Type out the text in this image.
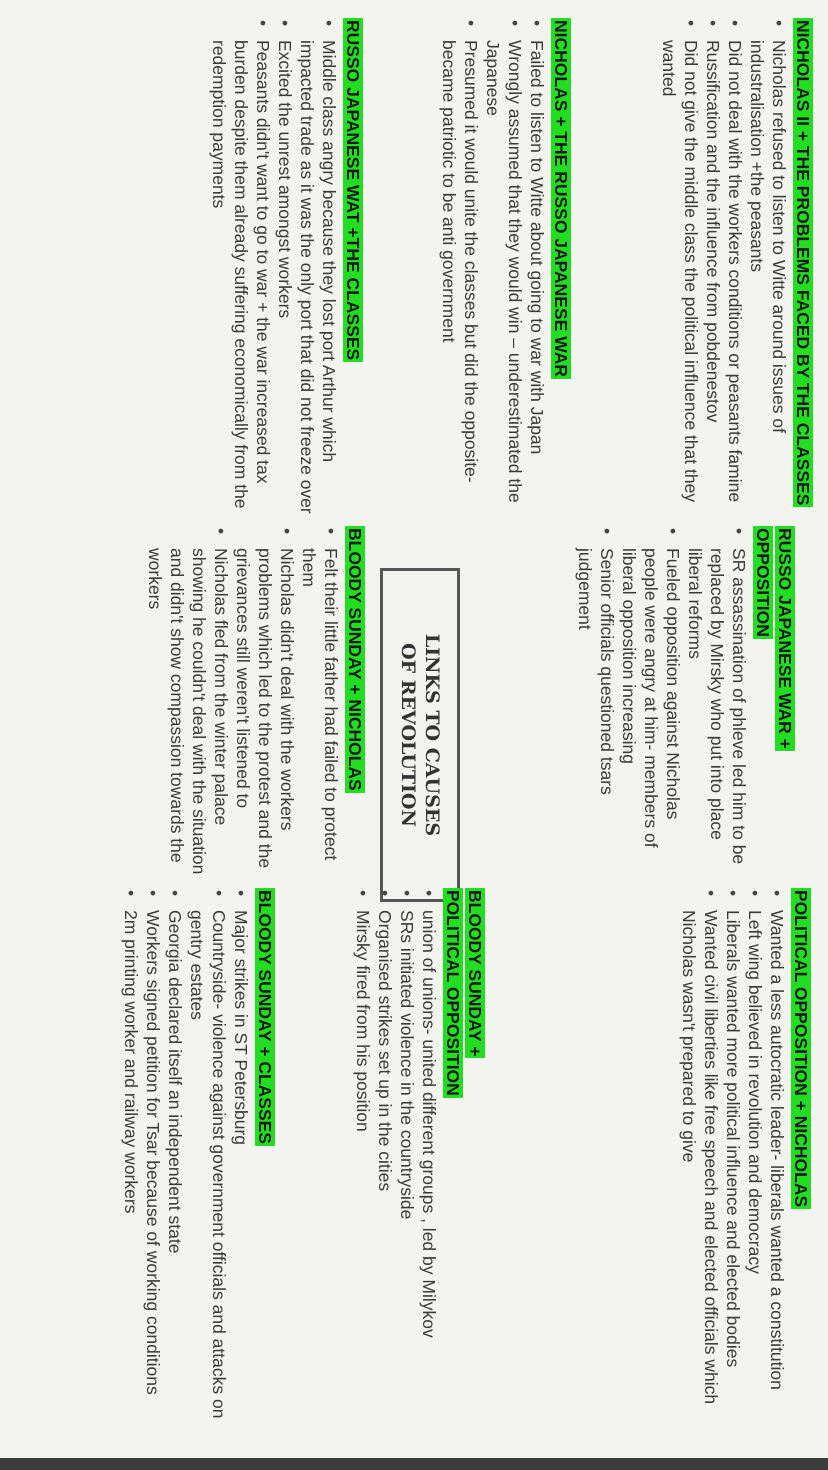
NICHOLAS II + THE PROBLEMS FACED BY THE CLASSES
• Nicholas refused to listen to Witte around issues of industralisation +the peasants
• Did not deal with the workers conditions or peasants famine
• Russification and the influence from pobdenestov
• Did not give the middle class the political influence that they wanted
NICHOLAS + THE RUSSO JAPANESE WAR
• Failed to listen to Witte about going to war with Japan
• Wrongly assumed that they would win – underestimated the Japanese
• Presumed it would unite the classes but did the opposite- became patriotic to be anti government
RUSSO JAPANESE WAT +THE CLASSES
• Middle class angry because they lost port Arthur which impacted trade as it was the only port that did not freeze over
• Excited the unrest amongst workers
• Peasants didn't want to go to war + the war increased tax burden despite them already suffering economically from the redemption payments
RUSSO JAPANESE WAR + OPPOSITION
• SR assassination of phleve led him to be replaced by Mirsky who put into place liberal reforms
• Fueled opposition against Nicholas people were angry at him- members of liberal opposition increasing
• Senior officials questioned tsars judgement
LINKS TO CAUSES OF REVOLUTION
BLOODY SUNDAY + NICHOLAS
• Felt their little father had failed to protect them
• Nicholas didn't deal with the workers problems which led to the protest and the grievances still weren't listened to
• Nicholas fled from the winter palace showing he couldn't deal with the situation and didn't show compassion towards the workers
POLITICAL OPPOSITION + NICHOLAS
• Wanted a less autocratic leader- liberals wanted a constitution
• Left wing believed in revolution and democracy
• Liberals wanted more political influence and elected bodies
• Wanted civil liberties like free speech and elected officials which Nicholas wasn't prepared to give
BLOODY SUNDAY + POLITICAL OPPOSITION
• union of unions- united different groups , led by Milykov
• SRs initiated violence in the countryside
• Organised strikes set up in the cities
• Mirsky fired from his position
BLOODY SUNDAY + CLASSES
• Major strikes in ST Petersburg
• Countryside- violence against government officials and attacks on gentry estates
• Georgia declared itself an independent state
• Workers signed petition for Tsar because of working conditions
• 2m printing worker and railway workers
